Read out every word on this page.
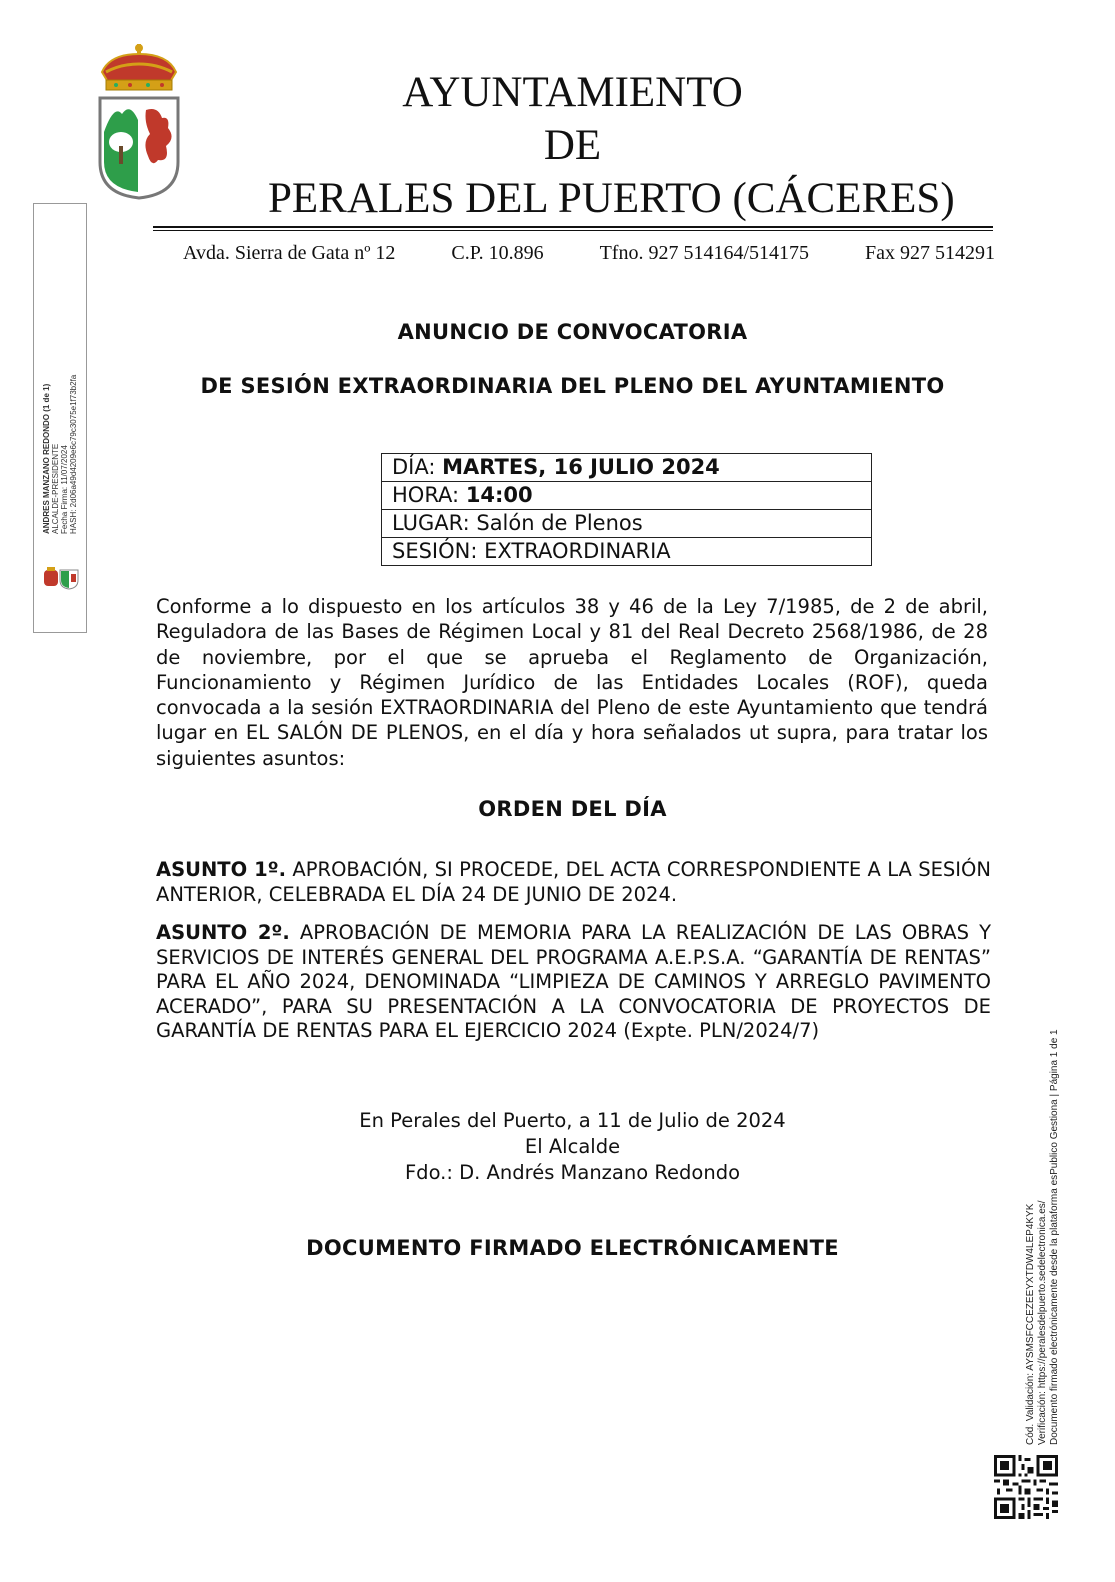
AYUNTAMIENTO
DE
PERALES DEL PUERTO (CÁCERES)
Avda. Sierra de Gata nº 12	C.P. 10.896	Tfno. 927 514164/514175	Fax 927 514291
ANDRES MANZANO REDONDO (1 de 1) ALCALDE-PRESIDENTE Fecha Firma: 11/07/2024 HASH: 2d06a49d4209e6c79c3075e1f73b2fa
ANUNCIO DE CONVOCATORIA
DE SESIÓN EXTRAORDINARIA DEL PLENO DEL AYUNTAMIENTO
DÍA: MARTES, 16 JULIO 2024
HORA: 14:00
LUGAR: Salón de Plenos
SESIÓN: EXTRAORDINARIA
Conforme a lo dispuesto en los artículos 38 y 46 de la Ley 7/1985, de 2 de abril, Reguladora de las Bases de Régimen Local y 81 del Real Decreto 2568/1986, de 28 de noviembre, por el que se aprueba el Reglamento de Organización, Funcionamiento y Régimen Jurídico de las Entidades Locales (ROF), queda convocada a la sesión EXTRAORDINARIA del Pleno de este Ayuntamiento que tendrá lugar en EL SALÓN DE PLENOS, en el día y hora señalados ut supra, para tratar los siguientes asuntos:
ORDEN DEL DÍA
ASUNTO 1º. APROBACIÓN, SI PROCEDE, DEL ACTA CORRESPONDIENTE A LA SESIÓN ANTERIOR, CELEBRADA EL DÍA 24 DE JUNIO DE 2024.
ASUNTO 2º. APROBACIÓN DE MEMORIA PARA LA REALIZACIÓN DE LAS OBRAS Y SERVICIOS DE INTERÉS GENERAL DEL PROGRAMA A.E.P.S.A. “GARANTÍA DE RENTAS” PARA EL AÑO 2024, DENOMINADA “LIMPIEZA DE CAMINOS Y ARREGLO PAVIMENTO ACERADO”, PARA SU PRESENTACIÓN A LA CONVOCATORIA DE PROYECTOS DE GARANTÍA DE RENTAS PARA EL EJERCICIO 2024 (Expte. PLN/2024/7)
En Perales del Puerto, a 11 de Julio de 2024
El Alcalde
Fdo.: D. Andrés Manzano Redondo
DOCUMENTO FIRMADO ELECTRÓNICAMENTE	Cód. Validación: AYSMSFCCEZEEYXTDW4LEP4KYK Verificación: https://peralesdelpuerto.sedelectronica.es/ Documento firmado electrónicamente desde la plataforma esPublico Gestiona | Página 1 de 1
